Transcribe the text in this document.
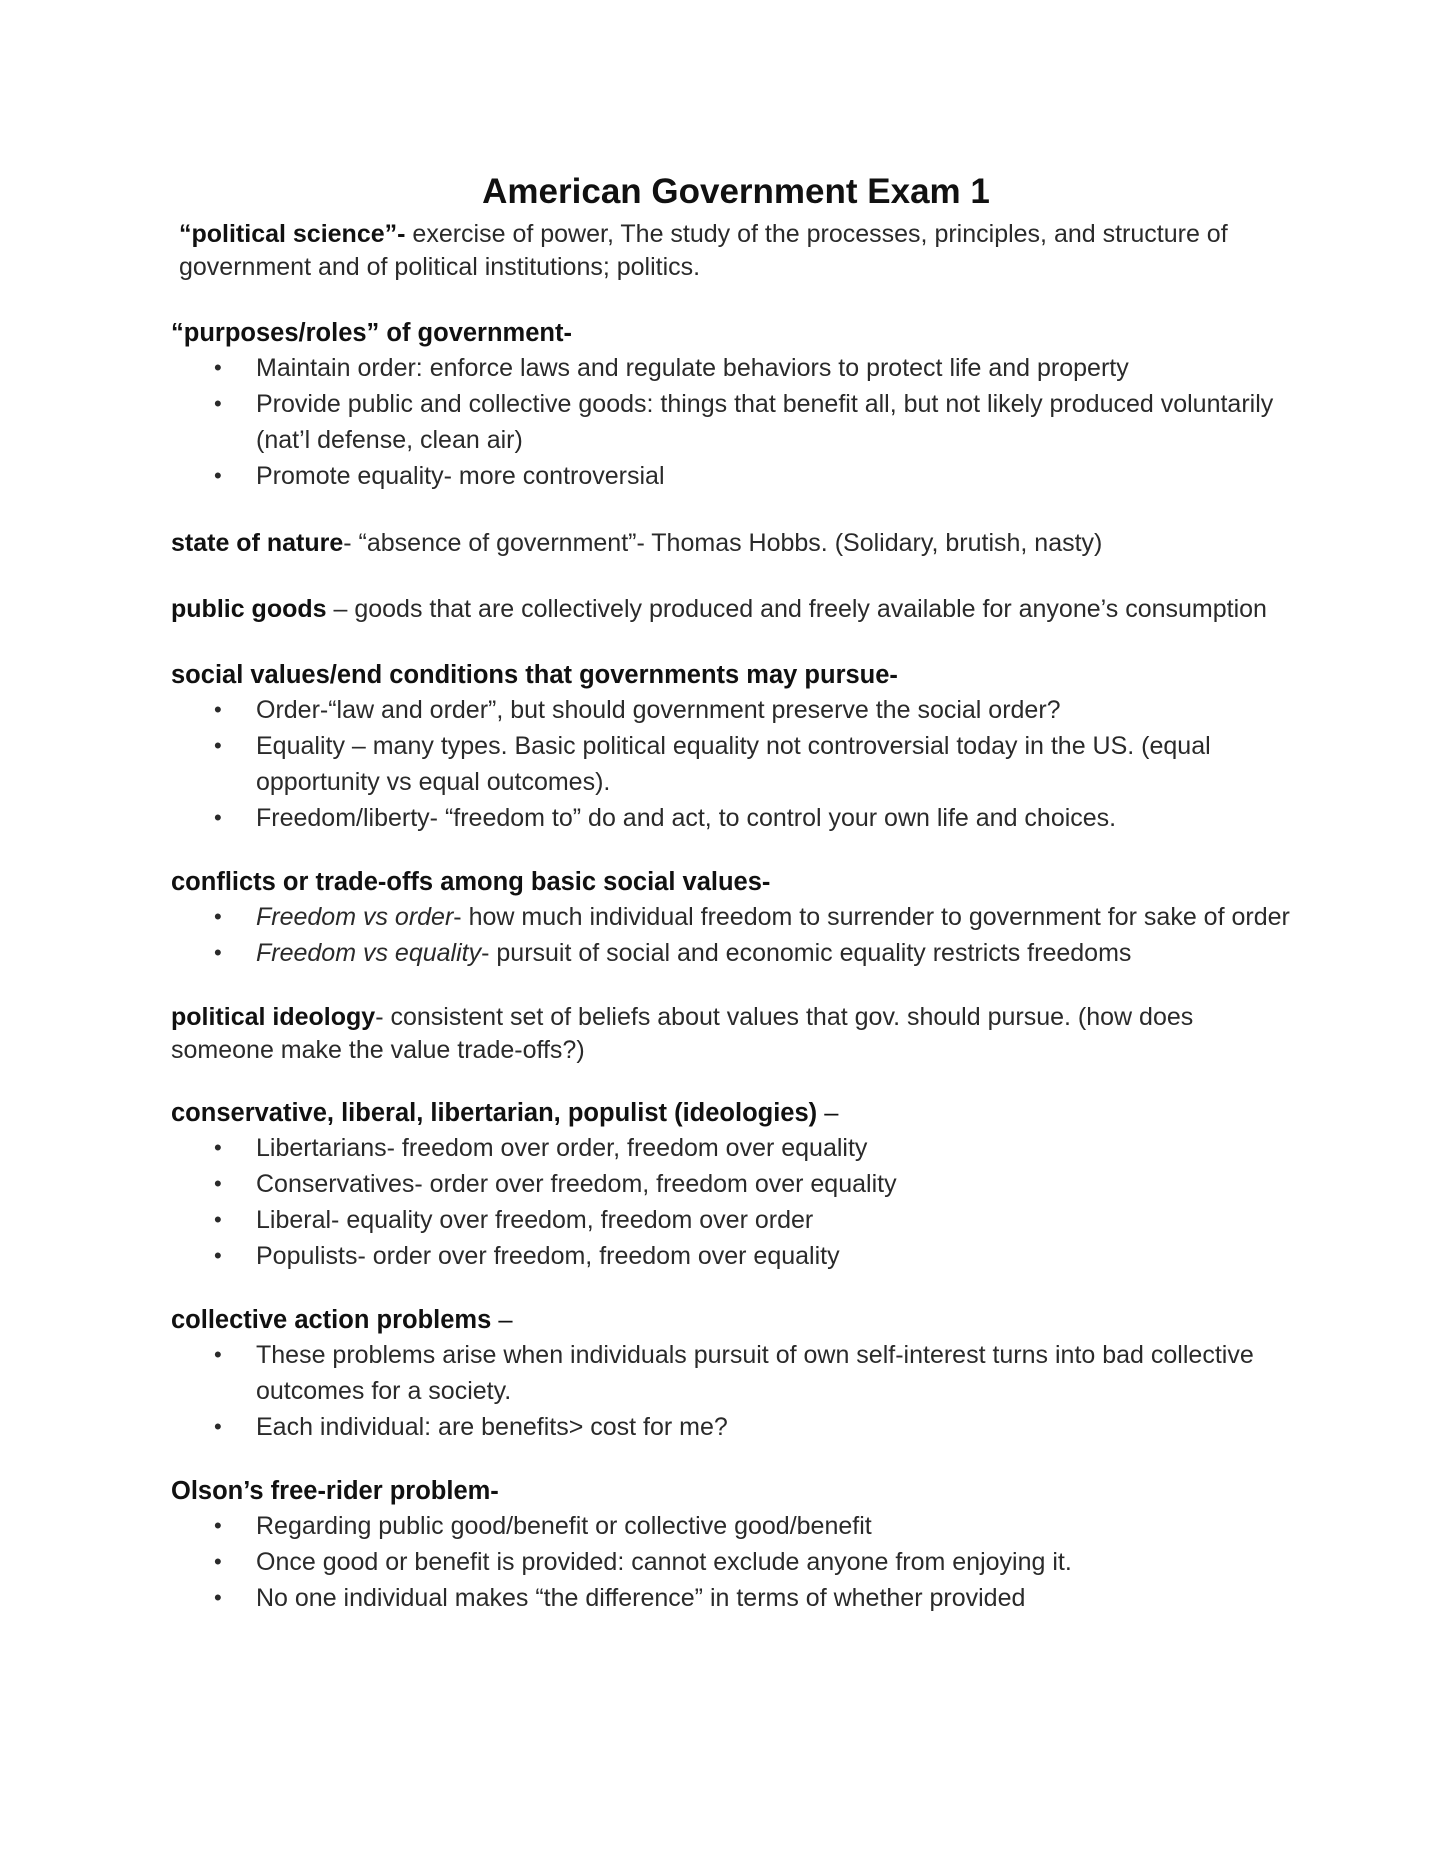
American Government Exam 1

“political science”- exercise of power, The study of the processes, principles, and structure of government and of political institutions; politics.

“purposes/roles” of government-

• Maintain order: enforce laws and regulate behaviors to protect life and property
• Provide public and collective goods: things that benefit all, but not likely produced voluntarily (nat’l defense, clean air)
• Promote equality- more controversial

state of nature- “absence of government”- Thomas Hobbs. (Solidary, brutish, nasty)

public goods – goods that are collectively produced and freely available for anyone’s consumption

social values/end conditions that governments may pursue-

• Order-“law and order”, but should government preserve the social order?
• Equality – many types. Basic political equality not controversial today in the US. (equal opportunity vs equal outcomes).
• Freedom/liberty- “freedom to” do and act, to control your own life and choices.

conflicts or trade-offs among basic social values-

• Freedom vs order- how much individual freedom to surrender to government for sake of order
• Freedom vs equality- pursuit of social and economic equality restricts freedoms

political ideology- consistent set of beliefs about values that gov. should pursue. (how does someone make the value trade-offs?)

conservative, liberal, libertarian, populist (ideologies) –

• Libertarians- freedom over order, freedom over equality
• Conservatives- order over freedom, freedom over equality
• Liberal- equality over freedom, freedom over order
• Populists- order over freedom, freedom over equality

collective action problems –

• These problems arise when individuals pursuit of own self-interest turns into bad collective outcomes for a society.
• Each individual: are benefits> cost for me?

Olson’s free-rider problem-

• Regarding public good/benefit or collective good/benefit
• Once good or benefit is provided: cannot exclude anyone from enjoying it.
• No one individual makes “the difference” in terms of whether provided
